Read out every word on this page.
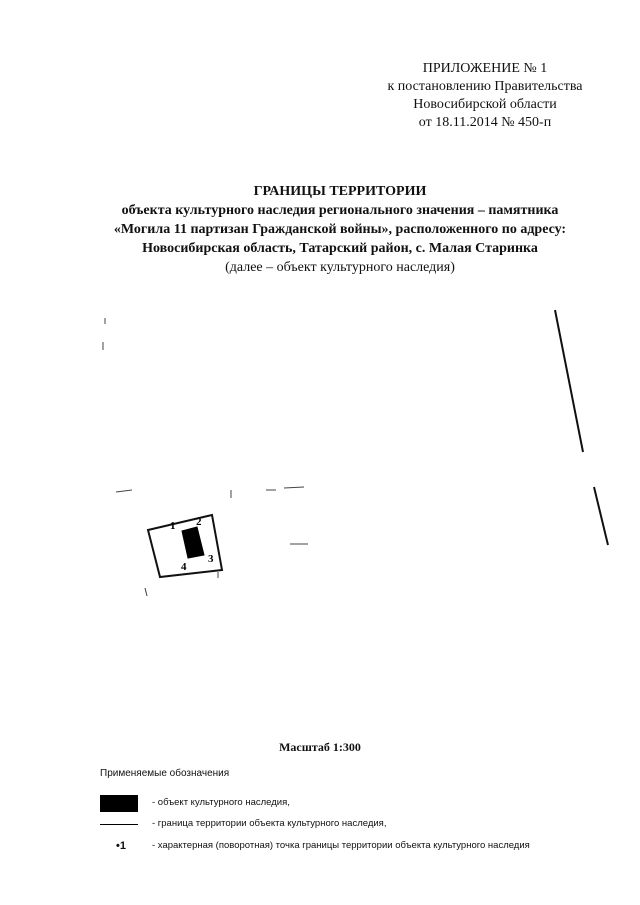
ПРИЛОЖЕНИЕ № 1
к постановлению Правительства
Новосибирской области
от 18.11.2014 № 450-п
ГРАНИЦЫ ТЕРРИТОРИИ
объекта культурного наследия регионального значения – памятника
«Могила 11 партизан Гражданской войны», расположенного по адресу:
Новосибирская область, Татарский район, с. Малая Старинка
(далее – объект культурного наследия)
1 2
3
4
Масштаб 1:300
Применяемые обозначения
- объект культурного наследия,
- граница территории объекта культурного наследия,
•1	- характерная (поворотная) точка границы территории объекта культурного наследия
